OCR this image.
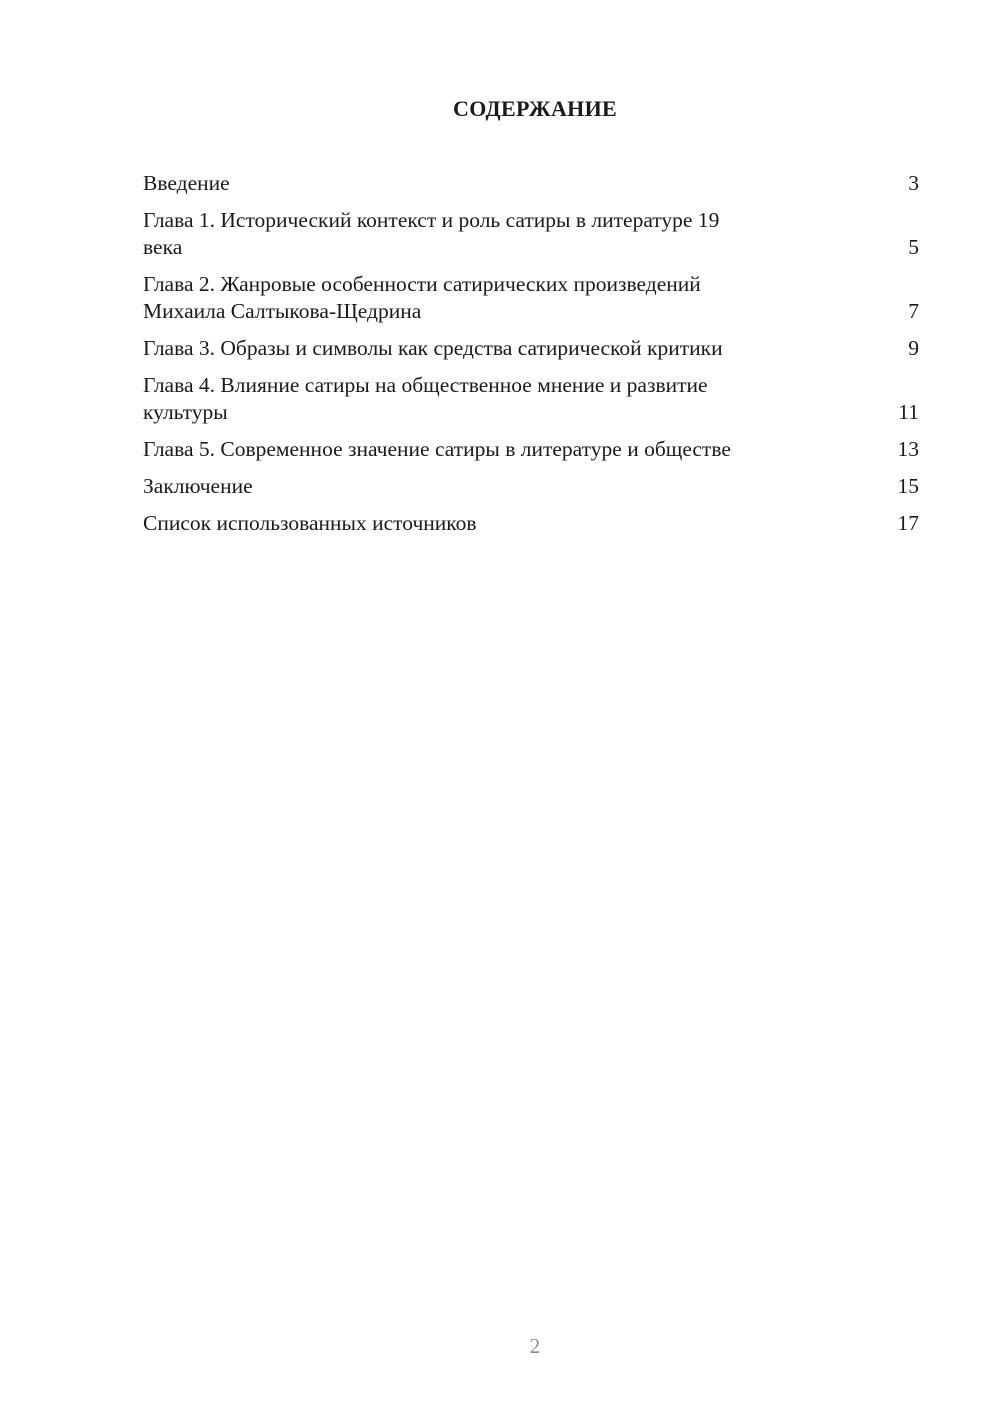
СОДЕРЖАНИЕ
Введение	3
Глава 1. Исторический контекст и роль сатиры в литературе 19
века	5
Глава 2. Жанровые особенности сатирических произведений
Михаила Салтыкова-Щедрина	7
Глава 3. Образы и символы как средства сатирической критики	9
Глава 4. Влияние сатиры на общественное мнение и развитие
культуры	11
Глава 5. Современное значение сатиры в литературе и обществе	13
Заключение	15
Список использованных источников	17
2
